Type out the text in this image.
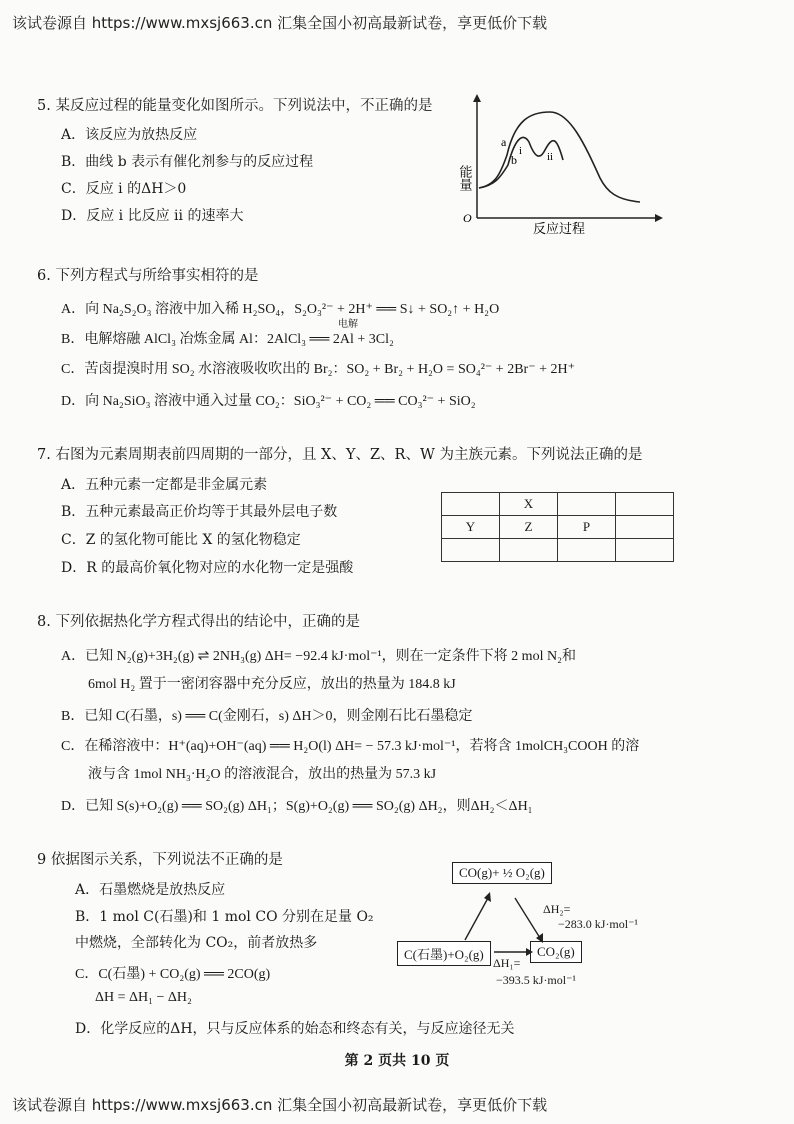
该试卷源自 https://www.mxsj663.cn 汇集全国小初高最新试卷，享更低价下载
5. 某反应过程的能量变化如图所示。下列说法中，不正确的是
A．该反应为放热反应
B．曲线 b 表示有催化剂参与的反应过程
C．反应 i 的ΔH＞0
D．反应 i 比反应 ii 的速率大
能量
反应过程
O
a
b
i ii
6. 下列方程式与所给事实相符的是
A．向 Na₂S₂O₃ 溶液中加入稀 H₂SO₄，S₂O₃²⁻ + 2H⁺ ══ S↓ + SO₂↑ + H₂O
B．电解熔融 AlCl₃ 冶炼金属 Al：2AlCl₃ ══ 2Al + 3Cl₂
电解
C．苦卤提溴时用 SO₂ 水溶液吸收吹出的 Br₂：SO₂ + Br₂ + H₂O = SO₄²⁻ + 2Br⁻ + 2H⁺
D．向 Na₂SiO₃ 溶液中通入过量 CO₂：SiO₃²⁻ + CO₂ ══ CO₃²⁻ + SiO₂
7. 右图为元素周期表前四周期的一部分，且 X、Y、Z、R、W 为主族元素。下列说法正确的是
A．五种元素一定都是非金属元素
B．五种元素最高正价均等于其最外层电子数
C．Z 的氢化物可能比 X 的氢化物稳定
D．R 的最高价氧化物对应的水化物一定是强酸
	X		
Y	Z	P	

8. 下列依据热化学方程式得出的结论中，正确的是
A．已知 N₂(g)+3H₂(g) ⇌ 2NH₃(g) ΔH= −92.4 kJ·mol⁻¹，则在一定条件下将 2 mol N₂和
6mol H₂ 置于一密闭容器中充分反应，放出的热量为 184.8 kJ
B．已知 C(石墨，s) ══ C(金刚石，s) ΔH＞0，则金刚石比石墨稳定
C．在稀溶液中：H⁺(aq)+OH⁻(aq) ══ H₂O(l) ΔH= − 57.3 kJ·mol⁻¹，若将含 1molCH₃COOH 的溶
液与含 1mol NH₃·H₂O 的溶液混合，放出的热量为 57.3 kJ
D．已知 S(s)+O₂(g) ══ SO₂(g) ΔH₁；S(g)+O₂(g) ══ SO₂(g) ΔH₂，则ΔH₂＜ΔH₁
9 依据图示关系，下列说法不正确的是
A．石墨燃烧是放热反应
B．1 mol C(石墨)和 1 mol CO 分别在足量 O₂
中燃烧，全部转化为 CO₂，前者放热多
C．C(石墨) + CO₂(g) ══ 2CO(g)
ΔH = ΔH₁ − ΔH₂
D．化学反应的ΔH，只与反应体系的始态和终态有关，与反应途径无关
CO(g)+ ½ O₂(g)
C(石墨)+O₂(g)	CO₂(g)
ΔH₂=
−283.0 kJ·mol⁻¹
ΔH₁=
−393.5 kJ·mol⁻¹
第 2 页共 10 页
该试卷源自 https://www.mxsj663.cn 汇集全国小初高最新试卷，享更低价下载
